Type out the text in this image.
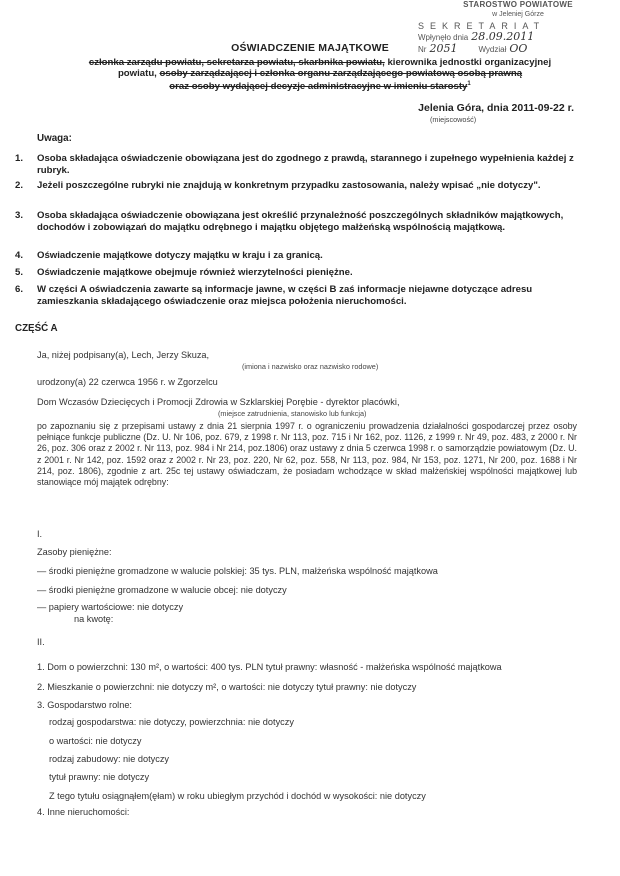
STAROSTWO POWIATOWE
w Jeleniej Górze
SEKRETARIAT
Wpłynęło dnia 28.09.2011
Nr 2051	Wydział OO
OŚWIADCZENIE MAJĄTKOWE
członka zarządu powiatu, sekretarza powiatu, skarbnika powiatu, kierownika jednostki organizacyjnej
powiatu, osoby zarządzającej i członka organu zarządzającego powiatową osobą prawną
oraz osoby wydającej decyzje administracyjne w imieniu starosty$^1$
Jelenia Góra, dnia 2011-09-22 r.
(miejscowość)
Uwaga:
1. Osoba składająca oświadczenie obowiązana jest do zgodnego z prawdą, starannego i zupełnego wypełnienia każdej z rubryk.
2. Jeżeli poszczególne rubryki nie znajdują w konkretnym przypadku zastosowania, należy wpisać „nie dotyczy".
3. Osoba składająca oświadczenie obowiązana jest określić przynależność poszczególnych składników majątkowych, dochodów i zobowiązań do majątku odrębnego i majątku objętego małżeńską wspólnością majątkową.
4. Oświadczenie majątkowe dotyczy majątku w kraju i za granicą.
5. Oświadczenie majątkowe obejmuje również wierzytelności pieniężne.
6. W części A oświadczenia zawarte są informacje jawne, w części B zaś informacje niejawne dotyczące adresu zamieszkania składającego oświadczenie oraz miejsca położenia nieruchomości.
CZĘŚĆ A
Ja, niżej podpisany(a), Lech, Jerzy Skuza,
(imiona i nazwisko oraz nazwisko rodowe)
urodzony(a) 22 czerwca 1956 r. w Zgorzelcu
Dom Wczasów Dziecięcych i Promocji Zdrowia w Szklarskiej Porębie - dyrektor placówki,
(miejsce zatrudnienia, stanowisko lub funkcja)
po zapoznaniu się z przepisami ustawy z dnia 21 sierpnia 1997 r. o ograniczeniu prowadzenia działalności gospodarczej przez osoby pełniące funkcje publiczne (Dz. U. Nr 106, poz. 679, z 1998 r. Nr 113, poz. 715 i Nr 162, poz. 1126, z 1999 r. Nr 49, poz. 483, z 2000 r. Nr 26, poz. 306 oraz z 2002 r. Nr 113, poz. 984 i Nr 214, poz.1806) oraz ustawy z dnia 5 czerwca 1998 r. o samorządzie powiatowym (Dz. U. z 2001 r. Nr 142, poz. 1592 oraz z 2002 r. Nr 23, poz. 220, Nr 62, poz. 558, Nr 113, poz. 984, Nr 153, poz. 1271, Nr 200, poz. 1688 i Nr 214, poz. 1806), zgodnie z art. 25c tej ustawy oświadczam, że posiadam wchodzące w skład małżeńskiej wspólności majątkowej lub stanowiące mój majątek odrębny:
I.
Zasoby pieniężne:
— środki pieniężne gromadzone w walucie polskiej: 35 tys. PLN, małżeńska wspólność majątkowa
— środki pieniężne gromadzone w walucie obcej: nie dotyczy
— papiery wartościowe: nie dotyczy
na kwotę:
II.
1. Dom o powierzchni: 130 m², o wartości: 400 tys. PLN tytuł prawny: własność - małżeńska wspólność majątkowa
2. Mieszkanie o powierzchni: nie dotyczy m², o wartości: nie dotyczy tytuł prawny: nie dotyczy
3. Gospodarstwo rolne:
rodzaj gospodarstwa: nie dotyczy, powierzchnia: nie dotyczy
o wartości: nie dotyczy
rodzaj zabudowy: nie dotyczy
tytuł prawny: nie dotyczy
Z tego tytułu osiągnąłem(ęłam) w roku ubiegłym przychód i dochód w wysokości: nie dotyczy
4. Inne nieruchomości:
